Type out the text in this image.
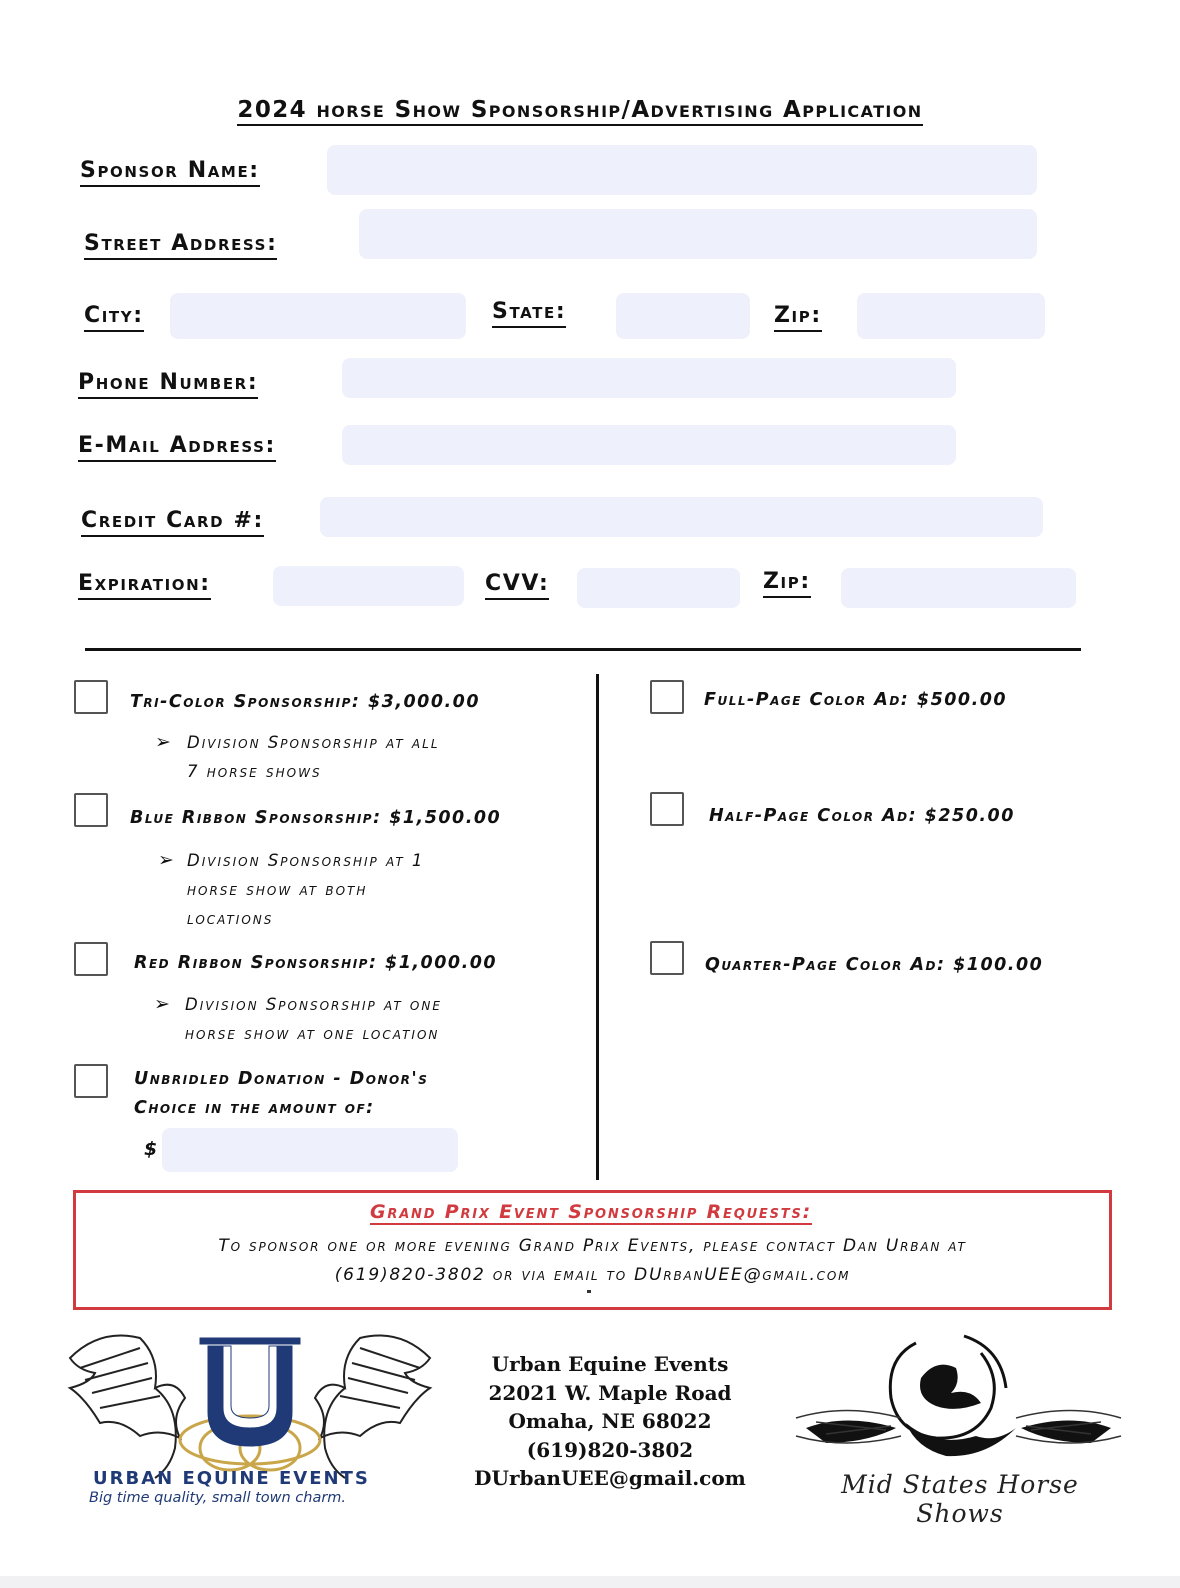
2024 horse Show Sponsorship/Advertising Application
Sponsor Name:
Street Address:
City:	State:	Zip:
Phone Number:
E-Mail Address:
Credit Card #:
Expiration:	CVV:	Zip:
Tri-Color Sponsorship: $3,000.00
➢ Division Sponsorship at all
7 horse shows
Blue Ribbon Sponsorship: $1,500.00
➢ Division Sponsorship at 1
horse show at both
locations
Red Ribbon Sponsorship: $1,000.00
➢ Division Sponsorship at one
horse show at one location
Unbridled Donation - Donor's
Choice in the amount of:
$
Full-Page Color Ad: $500.00
Half-Page Color Ad: $250.00
Quarter-Page Color Ad: $100.00
Grand Prix Event Sponsorship Requests:
To sponsor one or more evening Grand Prix Events, please contact Dan Urban at
(619)820-3802 or via email to DUrbanUEE@gmail.com
URBAN EQUINE EVENTS
Big time quality, small town charm.
Urban Equine Events
22021 W. Maple Road
Omaha, NE 68022
(619)820-3802
DUrbanUEE@gmail.com	Mid States Horse Shows
